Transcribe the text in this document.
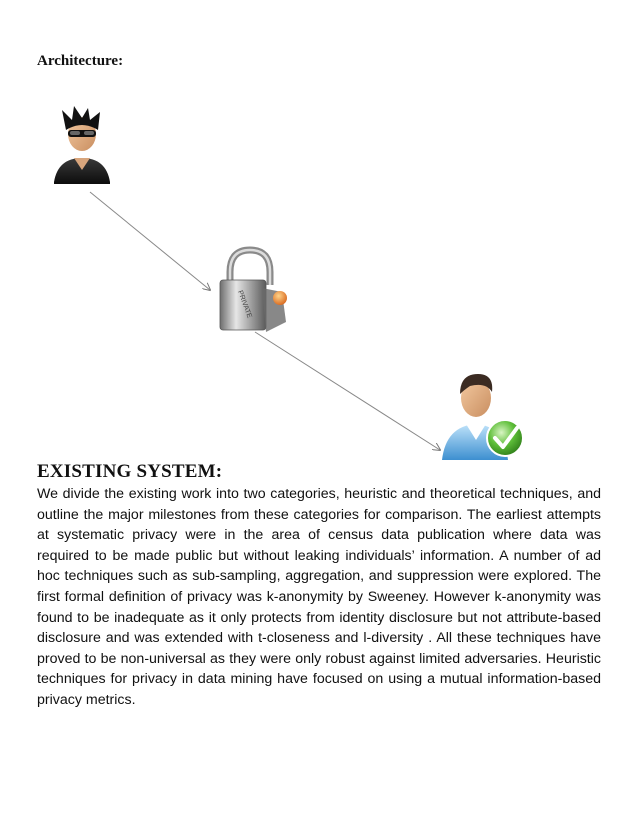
Architecture:
PRIVATE
EXISTING SYSTEM:
We divide the existing work into two categories, heuristic and theoretical techniques, and outline the major milestones from these categories for comparison. The earliest attempts at systematic privacy were in the area of census data publication where data was required to be made public but without leaking individuals’ information. A number of ad hoc techniques such as sub-sampling, aggregation, and suppression were explored. The first formal definition of privacy was k-anonymity by Sweeney. However k-anonymity was found to be inadequate as it only protects from identity disclosure but not attribute-based disclosure and was extended with t-closeness and l-diversity . All these techniques have proved to be non-universal as they were only robust against limited adversaries. Heuristic techniques for privacy in data mining have focused on using a mutual information-based privacy metrics.
